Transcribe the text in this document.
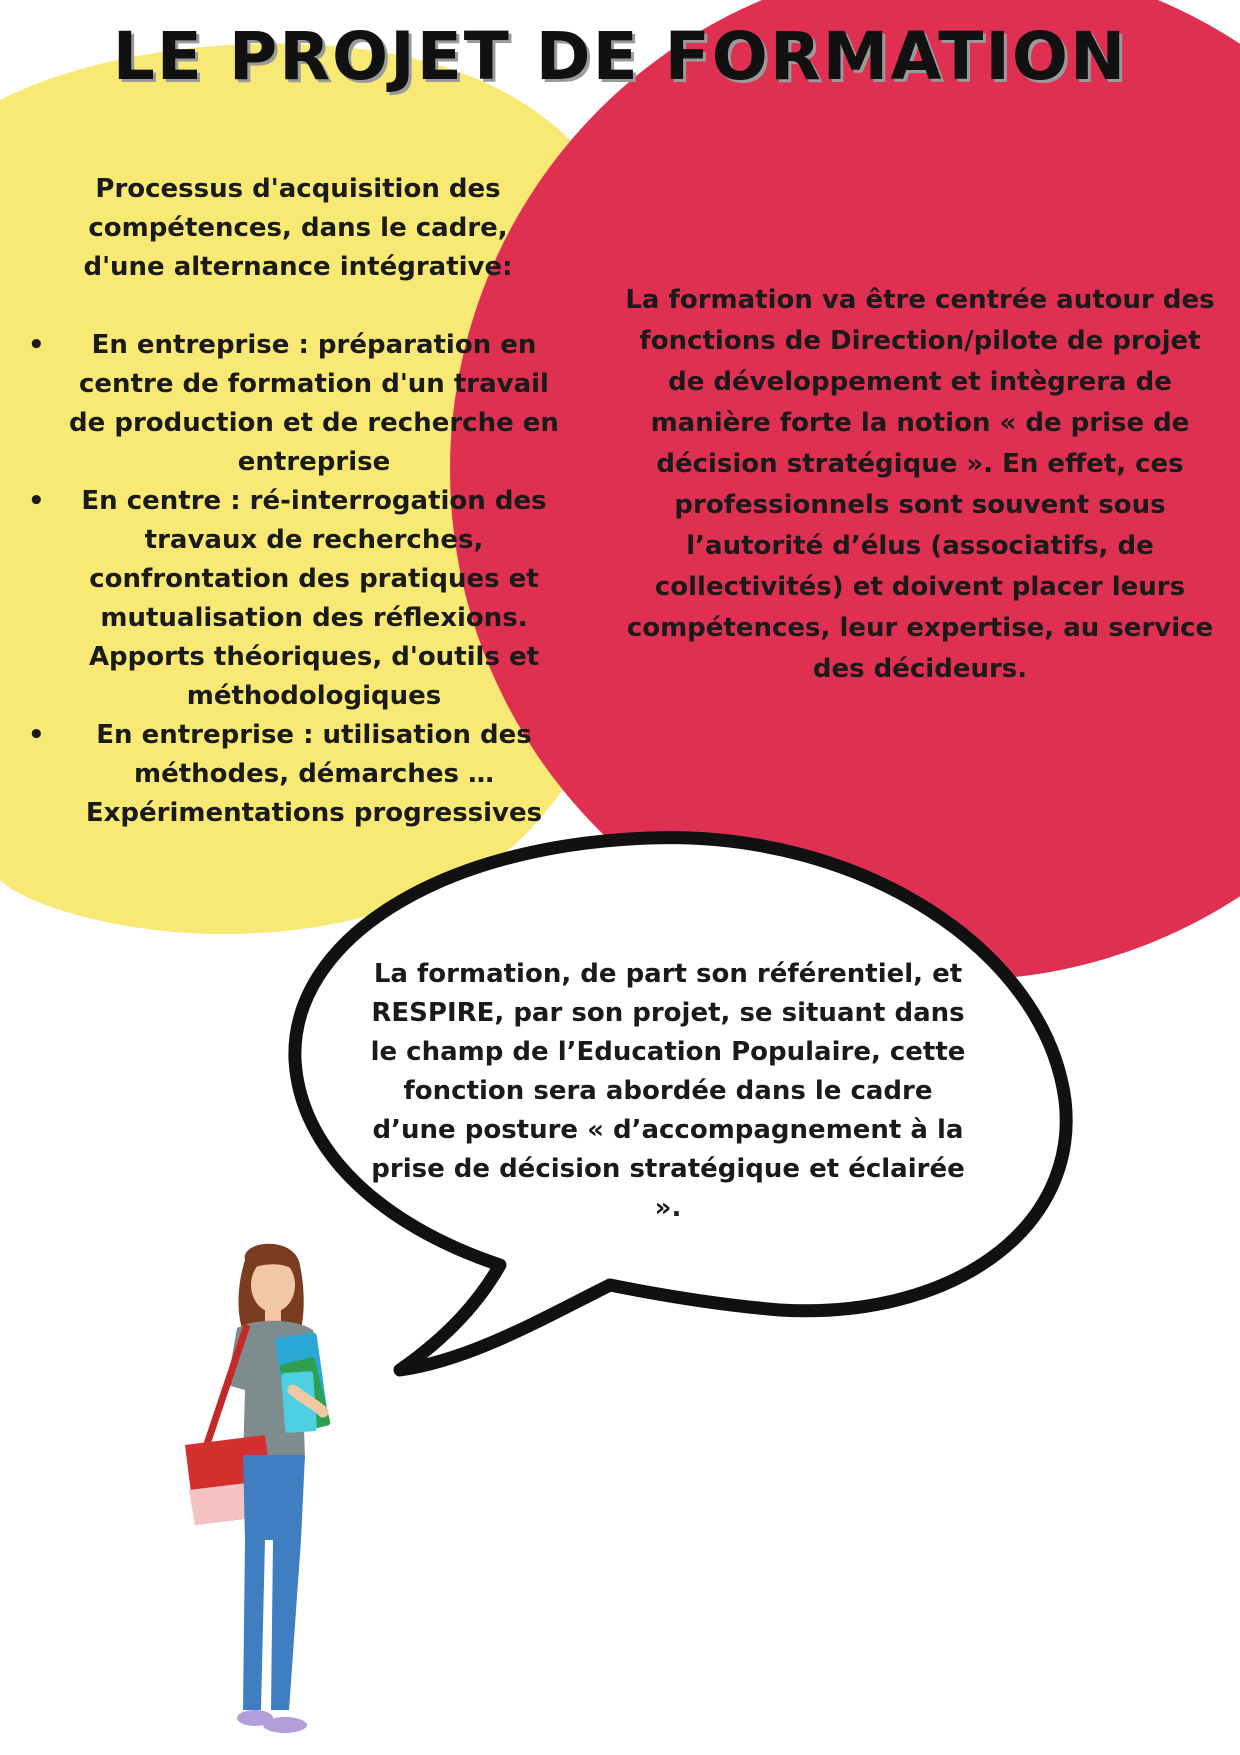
LE PROJET DE FORMATION

Processus d'acquisition des compétences, dans le cadre, d'une alternance intégrative:

• En entreprise : préparation en centre de formation d'un travail de production et de recherche en entreprise
• En centre : ré-interrogation des travaux de recherches, confrontation des pratiques et mutualisation des réflexions. Apports théoriques, d'outils et méthodologiques
• En entreprise : utilisation des méthodes, démarches … Expérimentations progressives
La formation va être centrée autour des fonctions de Direction/pilote de projet de développement et intègrera de manière forte la notion « de prise de décision stratégique ». En effet, ces professionnels sont souvent sous l’autorité d’élus (associatifs, de collectivités) et doivent placer leurs compétences, leur expertise, au service des décideurs.
La formation, de part son référentiel, et RESPIRE, par son projet, se situant dans le champ de l’Education Populaire, cette fonction sera abordée dans le cadre d’une posture « d’accompagnement à la prise de décision stratégique et éclairée ».
